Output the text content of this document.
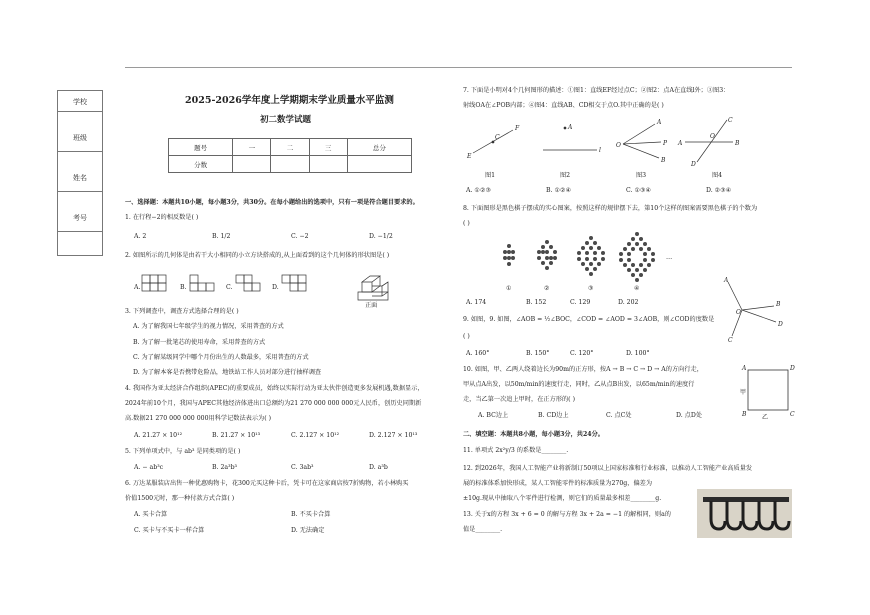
学校
班级
姓名
考号
2025-2026学年度上学期期末学业质量水平监测
初二数学试题
题号	一	二	三	总分
分数				
一、选择题：本题共10小题，每小题3分，共30分。在每小题给出的选项中，只有一项是符合题目要求的。
1. 在行程−2的相反数是( )
A. 2	B. 1/2	C. −2	D. −1/2
2. 如图所示的几何体是由若干大小相同的小立方块搭成的,从上面看到的这个几何体的形状图是( )
A.	B.	C.	D.
正面
3. 下列调查中，调查方式选择合理的是( )
A. 为了解我国七年级学生的视力情况，采用普查的方式
B. 为了解一批笔芯的使用寿命，采用普查的方式
C. 为了解某级同学中哪个月份出生的人数最多，采用普查的方式
D. 为了解本客是否携带危险品，地铁站工作人员对部分进行抽样调查
4. 我国作为亚太经济合作组织(APEC)的重要成员，始终以实际行动为亚太伙伴创造更多发展机遇,数据显示，
2024年前10个月，我国与APEC其他经济体进出口总额约为21 270 000 000 000元人民币，创历史同期新
高.数据21 270 000 000 000用科学记数法表示为( )
A. 21.27 × 10¹²	B. 21.27 × 10¹³	C. 2.127 × 10¹²	D. 2.127 × 10¹³
5. 下列单项式中，与 ab³ 是同类项的是( )
A. − ab³c	B. 2a³b³	C. 3ab³	D. a³b
6. 万达某服装店出售一种优惠购物卡，花300元买这种卡后，凭卡可在这家商店按7折购物，若小林购买
价值1500元时，那一种付款方式合算( )
A. 买卡合算	B. 不买卡合算
C. 买卡与不买卡一样合算	D. 无法确定
7. 下面是小明对4个几何图形的描述：①图1：直线EF经过点C；②图2：点A在直线l外；③图3：
射线OA在∠POB内部；④图4：直线AB、CD相交于点O.其中正确的是( )
C
E
F	A
l
A
O	P
B
A
C
O
B
D
图1	图2	图3	图4
A. ①②③	B. ①②④	C. ①③④	D. ②③④
8. 下面图形是黑色棋子摆成的实心图案，按照这样的规律摆下去，第10个这样的图案需要黑色棋子的个数为
( )
…
①	②	③	④
A. 174	B. 152	C. 129	D. 202
9. 如图，9. 如图，∠AOB = ½∠BOC，∠COD = ∠AOD = 3∠AOB，则∠COD的度数是
( )
A. 160°	B. 150°	C. 120°	D. 100°
A
B
O
D
C
10. 如图，甲、乙两人绕着边长为90m的正方形，按A → B → C → D → A的方向行走，
甲从点A出发，以50m/min的速度行走，同时，乙从点B出发，以65m/min的速度行
走，当乙第一次追上甲时，在正方形的( )
A. BC边上	B. CD边上	C. 点C处	D. 点D处
A
B	C
D
甲
乙
二、填空题：本题共8小题，每小题3分，共24分。
11. 单项式 2x²y/3 的系数是________.
12. 到2026年，我国人工智能产业将新制订50项以上国家标准和行业标准，以推动人工智能产业高质量发
展的标准体系加快形成，某人工智能零件的标准质量为270g，偏差为
±10g.现从中抽取八个零件进行检测，则它们的质量最多相差________g.
13. 关于x的方程 3x + 6 = 0 的解与方程 3x + 2a = −1 的解相同，则a的
值是________.
